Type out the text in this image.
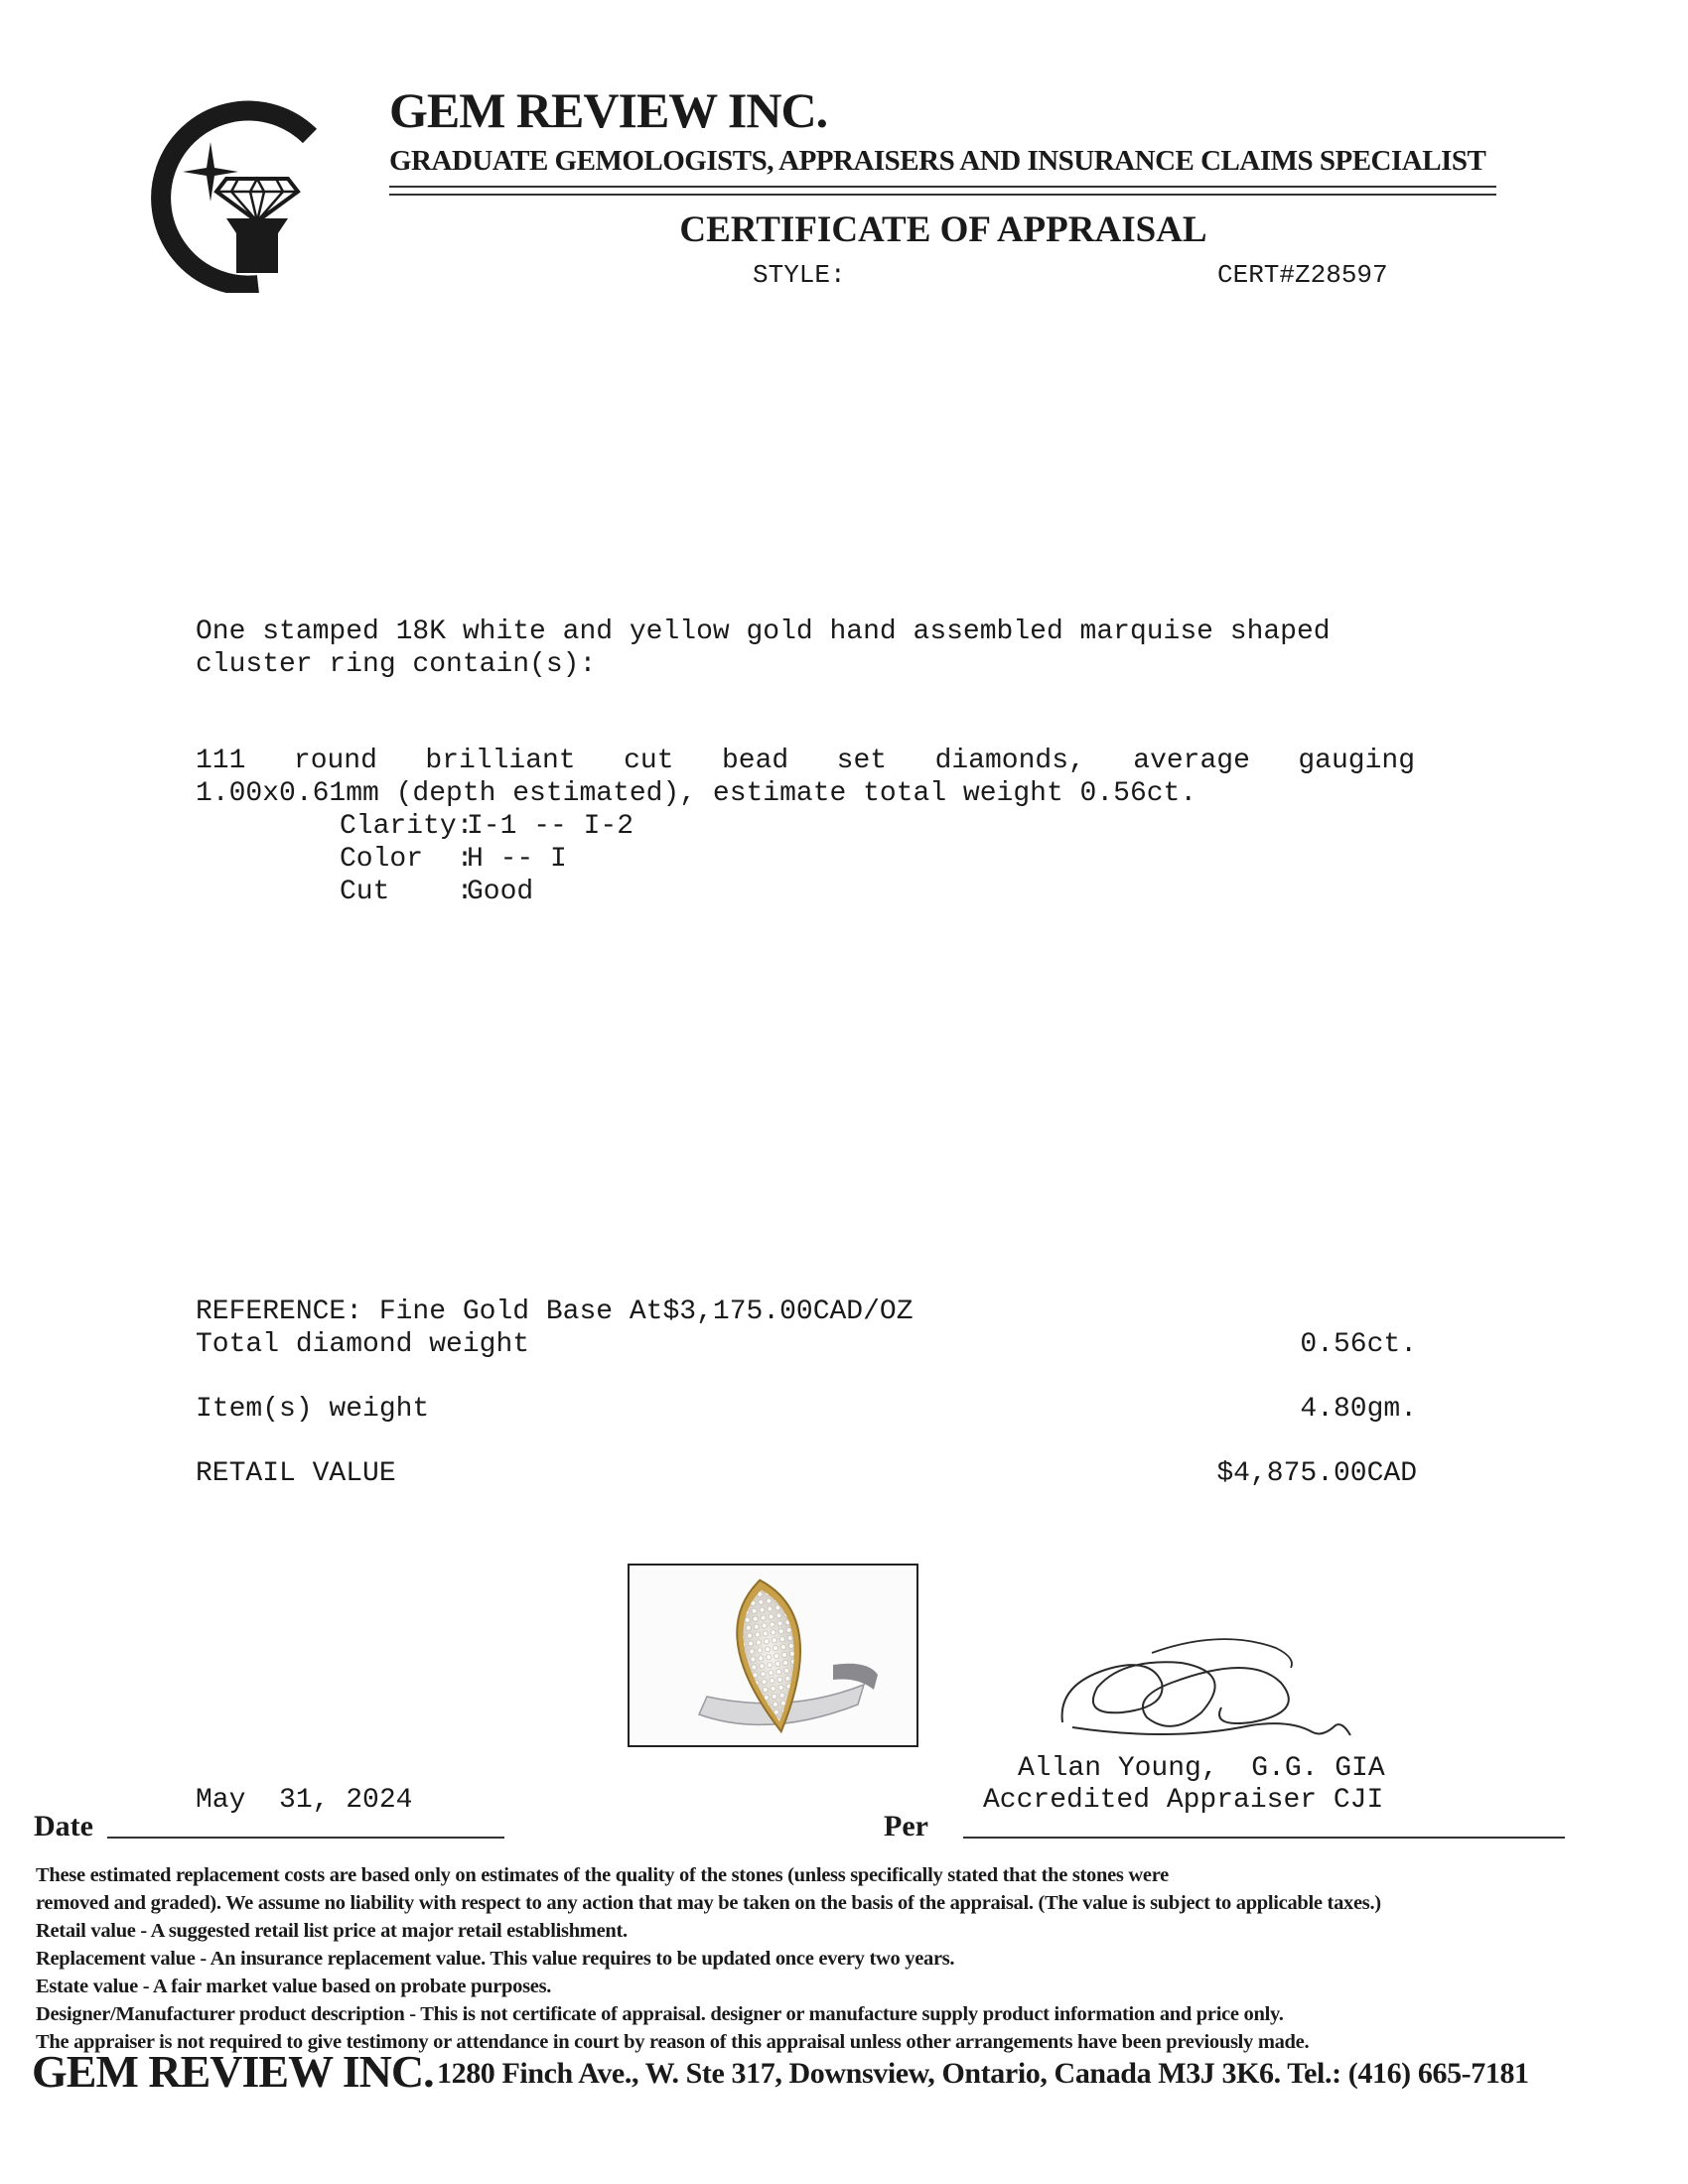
GEM REVIEW INC.
GRADUATE GEMOLOGISTS, APPRAISERS AND INSURANCE CLAIMS SPECIALIST
CERTIFICATE OF APPRAISAL
STYLE:	CERT#Z28597
One stamped 18K white and yellow gold hand assembled marquise shaped
cluster ring contain(s):
111 round brilliant cut bead set diamonds, average gauging
1.00x0.61mm (depth estimated), estimate total weight 0.56ct.
Clarity:
I-1 -- I-2
Color  :
H -- I
Cut    :
Good
REFERENCE: Fine Gold Base At$3,175.00CAD/OZ
Total diamond weight	0.56ct.
Item(s) weight	4.80gm.
RETAIL VALUE	$4,875.00CAD
Allan Young,  G.G. GIA
Accredited Appraiser CJI
May  31, 2024
Date	Per
These estimated replacement costs are based only on estimates of the quality of the stones (unless specifically stated that the stones were
removed and graded). We assume no liability with respect to any action that may be taken on the basis of the appraisal. (The value is subject to applicable taxes.)
Retail value - A suggested retail list price at major retail establishment.
Replacement value - An insurance replacement value. This value requires to be updated once every two years.
Estate value - A fair market value based on probate purposes.
Designer/Manufacturer product description - This is not certificate of appraisal. designer or manufacture supply product information and price only.
The appraiser is not required to give testimony or attendance in court by reason of this appraisal unless other arrangements have been previously made.
GEM REVIEW INC. 1280 Finch Ave., W. Ste 317, Downsview, Ontario, Canada M3J 3K6. Tel.: (416) 665-7181
